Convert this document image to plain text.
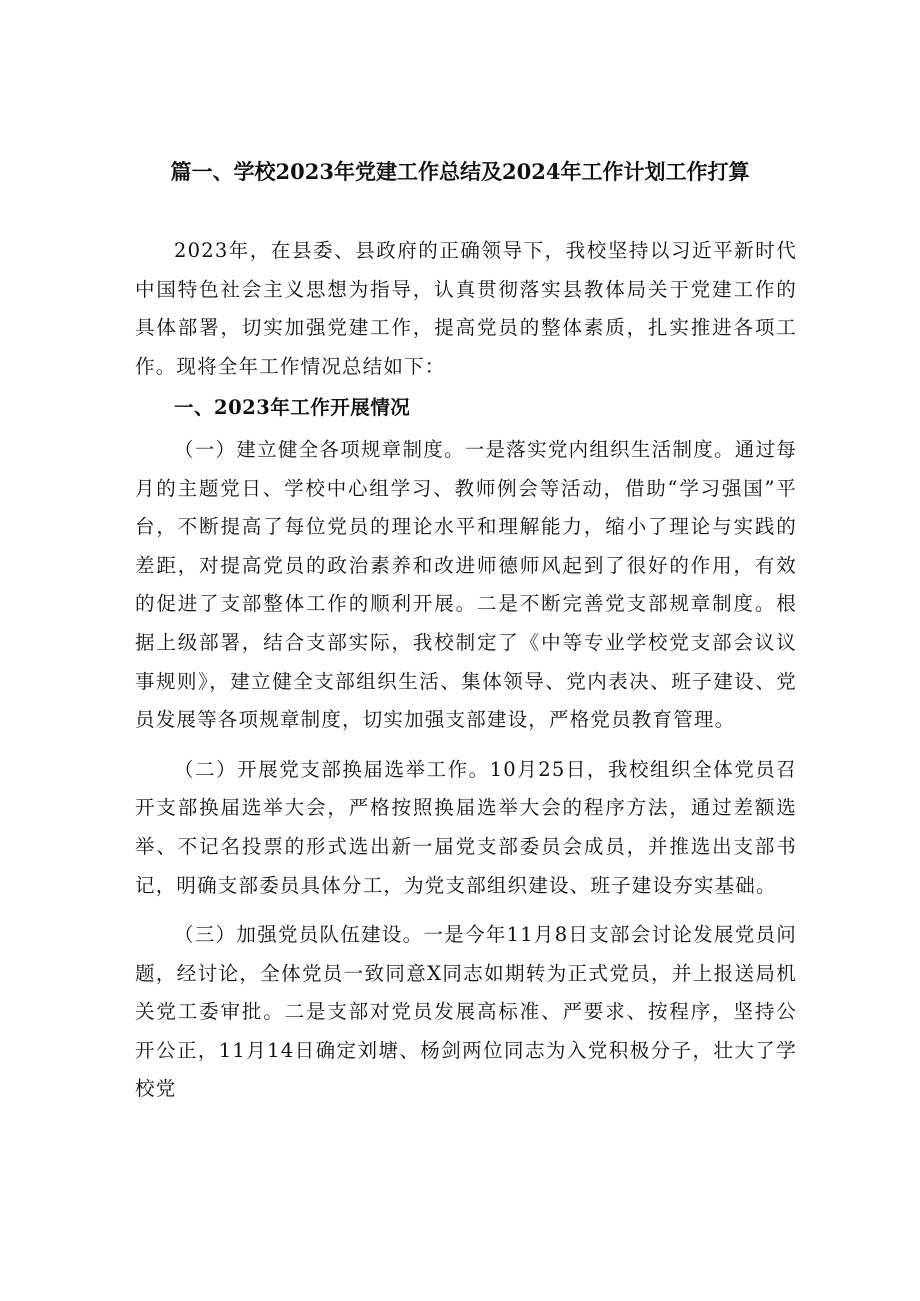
篇一、学校2023年党建工作总结及2024年工作计划工作打算

2023年，在县委、县政府的正确领导下，我校坚持以习近平新时代中国特色社会主义思想为指导，认真贯彻落实县教体局关于党建工作的具体部署，切实加强党建工作，提高党员的整体素质，扎实推进各项工作。现将全年工作情况总结如下：

一、2023年工作开展情况

（一）建立健全各项规章制度。一是落实党内组织生活制度。通过每月的主题党日、学校中心组学习、教师例会等活动，借助“学习强国”平台，不断提高了每位党员的理论水平和理解能力，缩小了理论与实践的差距，对提高党员的政治素养和改进师德师风起到了很好的作用，有效的促进了支部整体工作的顺利开展。二是不断完善党支部规章制度。根据上级部署，结合支部实际，我校制定了《中等专业学校党支部会议议事规则》，建立健全支部组织生活、集体领导、党内表决、班子建设、党员发展等各项规章制度，切实加强支部建设，严格党员教育管理。

（二）开展党支部换届选举工作。10月25日，我校组织全体党员召开支部换届选举大会，严格按照换届选举大会的程序方法，通过差额选举、不记名投票的形式选出新一届党支部委员会成员，并推选出支部书记，明确支部委员具体分工，为党支部组织建设、班子建设夯实基础。

（三）加强党员队伍建设。一是今年11月8日支部会讨论发展党员问题，经讨论，全体党员一致同意X同志如期转为正式党员，并上报送局机关党工委审批。二是支部对党员发展高标准、严要求、按程序，坚持公开公正，11月14日确定刘塘、杨剑两位同志为入党积极分子，壮大了学校党
